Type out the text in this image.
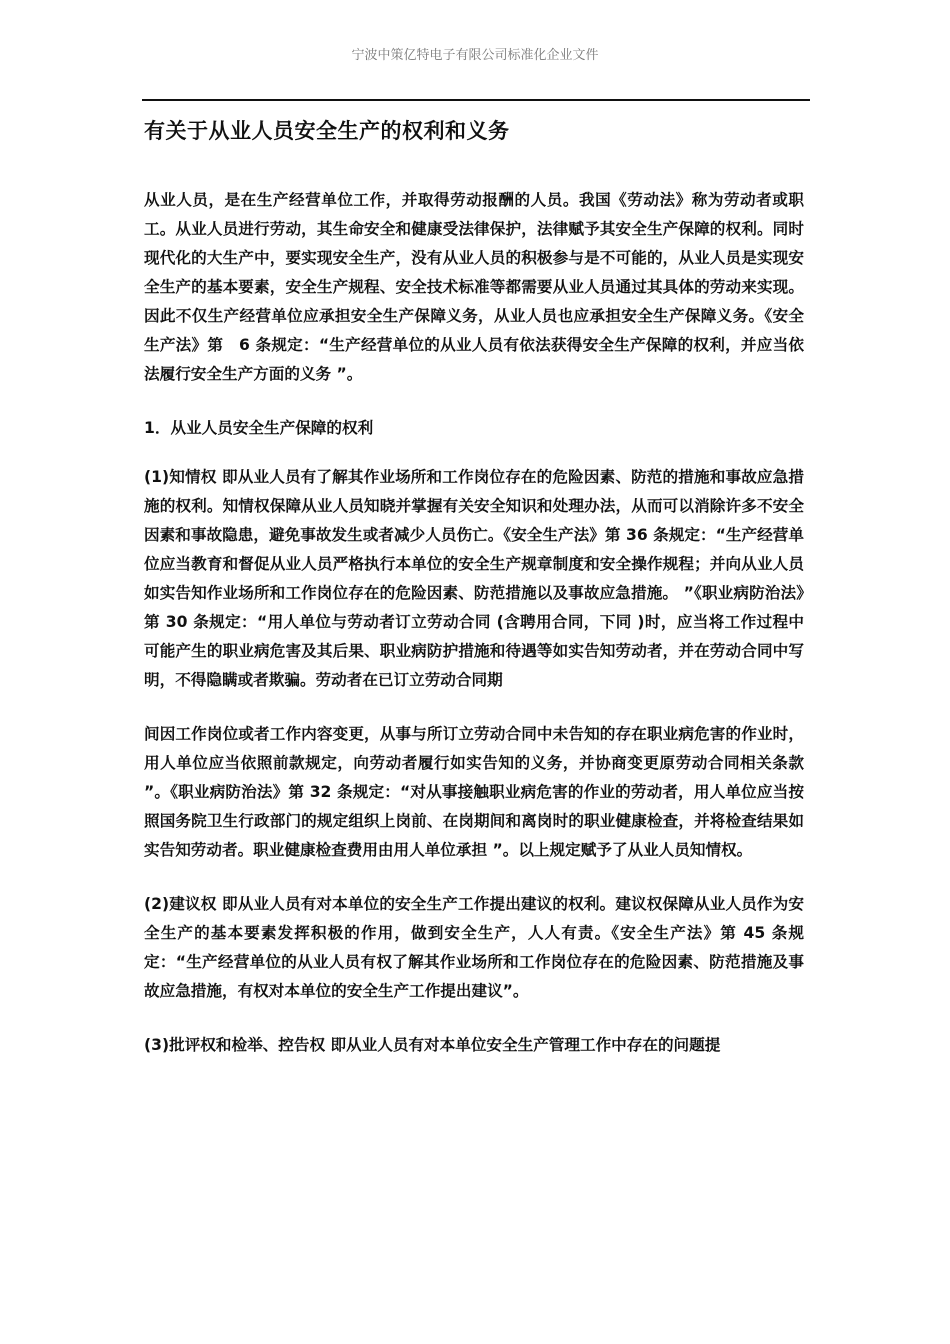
宁波中策亿特电子有限公司标准化企业文件
有关于从业人员安全生产的权利和义务

从业人员，是在生产经营单位工作，并取得劳动报酬的人员。我国《劳动法》称为劳动者或职工。从业人员进行劳动，其生命安全和健康受法律保护，法律赋予其安全生产保障的权利。同时现代化的大生产中，要实现安全生产，没有从业人员的积极参与是不可能的，从业人员是实现安全生产的基本要素，安全生产规程、安全技术标准等都需要从业人员通过其具体的劳动来实现。因此不仅生产经营单位应承担安全生产保障义务，从业人员也应承担安全生产保障义务。《安全生产法》第　6 条规定：“生产经营单位的从业人员有依法获得安全生产保障的权利，并应当依法履行安全生产方面的义务 ”。

1．从业人员安全生产保障的权利

(1)知情权 即从业人员有了解其作业场所和工作岗位存在的危险因素、防范的措施和事故应急措施的权利。知情权保障从业人员知晓并掌握有关安全知识和处理办法，从而可以消除许多不安全因素和事故隐患，避免事故发生或者减少人员伤亡。《安全生产法》第 36 条规定：“生产经营单位应当教育和督促从业人员严格执行本单位的安全生产规章制度和安全操作规程；并向从业人员如实告知作业场所和工作岗位存在的危险因素、防范措施以及事故应急措施。 ”《职业病防治法》第 30 条规定：“用人单位与劳动者订立劳动合同 (含聘用合同，下同 )时，应当将工作过程中可能产生的职业病危害及其后果、职业病防护措施和待遇等如实告知劳动者，并在劳动合同中写明，不得隐瞒或者欺骗。劳动者在已订立劳动合同期

间因工作岗位或者工作内容变更，从事与所订立劳动合同中未告知的存在职业病危害的作业时，用人单位应当依照前款规定，向劳动者履行如实告知的义务，并协商变更原劳动合同相关条款 ”。《职业病防治法》第 32 条规定：“对从事接触职业病危害的作业的劳动者，用人单位应当按照国务院卫生行政部门的规定组织上岗前、在岗期间和离岗时的职业健康检查，并将检查结果如实告知劳动者。职业健康检查费用由用人单位承担 ”。以上规定赋予了从业人员知情权。

(2)建议权 即从业人员有对本单位的安全生产工作提出建议的权利。建议权保障从业人员作为安全生产的基本要素发挥积极的作用，做到安全生产，人人有责。《安全生产法》第 45 条规定：“生产经营单位的从业人员有权了解其作业场所和工作岗位存在的危险因素、防范措施及事故应急措施，有权对本单位的安全生产工作提出建议”。

(3)批评权和检举、控告权 即从业人员有对本单位安全生产管理工作中存在的问题提
